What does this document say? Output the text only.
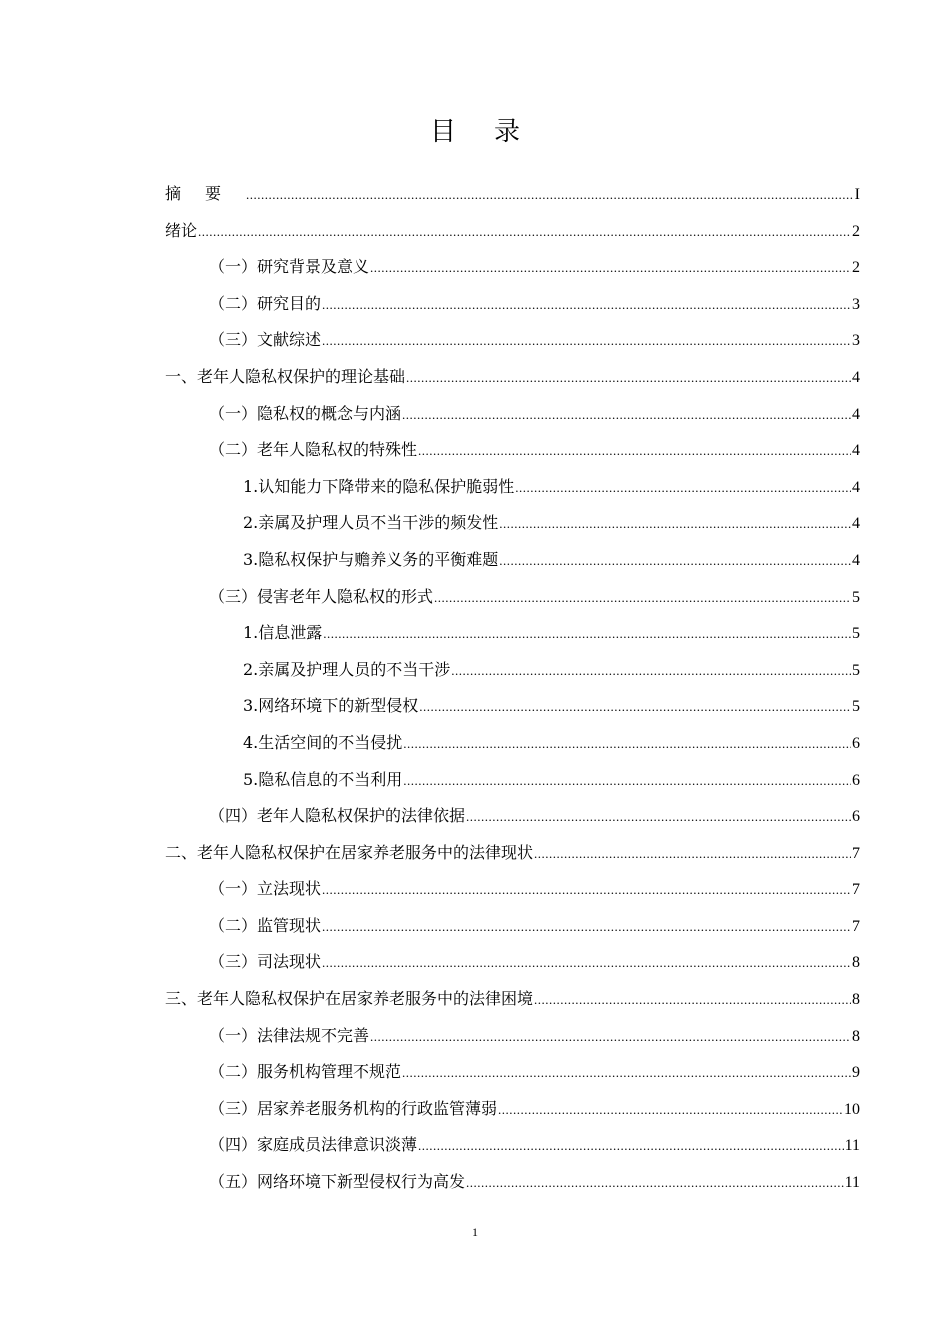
目录
摘要 .....	I
绪论 .....	2
（一）研究背景及意义 .....	2
（二）研究目的 .....	3
（三）文献综述 .....	3
一、老年人隐私权保护的理论基础 .....	4
（一）隐私权的概念与内涵 .....	4
（二）老年人隐私权的特殊性 .....	4
1.认知能力下降带来的隐私保护脆弱性 .....	4
2.亲属及护理人员不当干涉的频发性 .....	4
3.隐私权保护与赡养义务的平衡难题 .....	4
（三）侵害老年人隐私权的形式 .....	5
1.信息泄露 .....	5
2.亲属及护理人员的不当干涉 .....	5
3.网络环境下的新型侵权 .....	5
4.生活空间的不当侵扰 .....	6
5.隐私信息的不当利用 .....	6
（四）老年人隐私权保护的法律依据 .....	6
二、老年人隐私权保护在居家养老服务中的法律现状 .....	7
（一）立法现状 .....	7
（二）监管现状 .....	7
（三）司法现状 .....	8
三、老年人隐私权保护在居家养老服务中的法律困境 .....	8
（一）法律法规不完善 .....	8
（二）服务机构管理不规范 .....	9
（三）居家养老服务机构的行政监管薄弱 .....	10
（四）家庭成员法律意识淡薄 .....	11
（五）网络环境下新型侵权行为高发 .....	11
1
